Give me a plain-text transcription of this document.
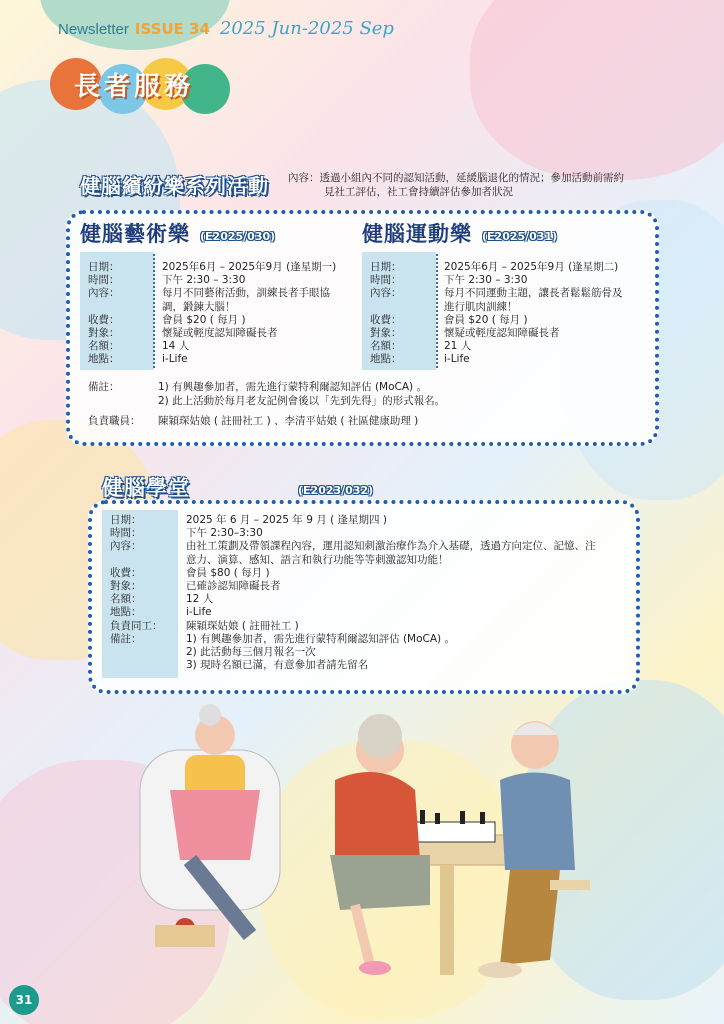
Newsletter ISSUE 34 2025 Jun-2025 Sep
長者服務
健腦繽紛樂系列活動 內容： 透過小組內不同的認知活動，延緩腦退化的情況；參加活動前需約
見社工評估，社工會持續評估參加者狀況
健腦藝術樂 (E2025/030)	健腦運動樂 (E2025/031)
日期：	2025年6月 – 2025年9月 (逢星期一)
時間：	下午 2:30 – 3:30
內容：	每月不同藝術活動，訓練長者手眼協
調，鍛鍊大腦！
收費：	會員 $20 ( 每月 )
對象：	懷疑或輕度認知障礙長者
名額：	14 人
地點：	i-Life
日期：	2025年6月 – 2025年9月 (逢星期二)
時間：	下午 2:30 – 3:30
內容：	每月不同運動主題，讓長者鬆鬆筋骨及
進行肌肉訓練！
收費：	會員 $20 ( 每月 )
對象：	懷疑或輕度認知障礙長者
名額：	21 人
地點：	i-Life
備註：	1) 有興趣參加者，需先進行蒙特利爾認知評估 (MoCA) 。
2) 此上活動於每月老友記例會後以「先到先得」的形式報名。
負責職員：	陳穎琛姑娘 ( 註冊社工 ) 、李清平姑娘 ( 社區健康助理 )
健腦學堂	(E2023/032)
日期：	2025 年 6 月 – 2025 年 9 月 ( 逢星期四 )
時間：	下午 2:30–3:30
內容：	由社工策劃及帶領課程內容，運用認知刺激治療作為介入基礎，透過方向定位、記憶、注
意力、演算、感知、語言和執行功能等等刺激認知功能！
收費：	會員 $80 ( 每月 )
對象：	已確診認知障礙長者
名額：	12 人
地點：	i-Life
負責同工：	陳穎琛姑娘 ( 註冊社工 )
備註：	1) 有興趣參加者，需先進行蒙特利爾認知評估 (MoCA) 。
2) 此活動每三個月報名一次
3) 現時名額已滿，有意參加者請先留名
31
